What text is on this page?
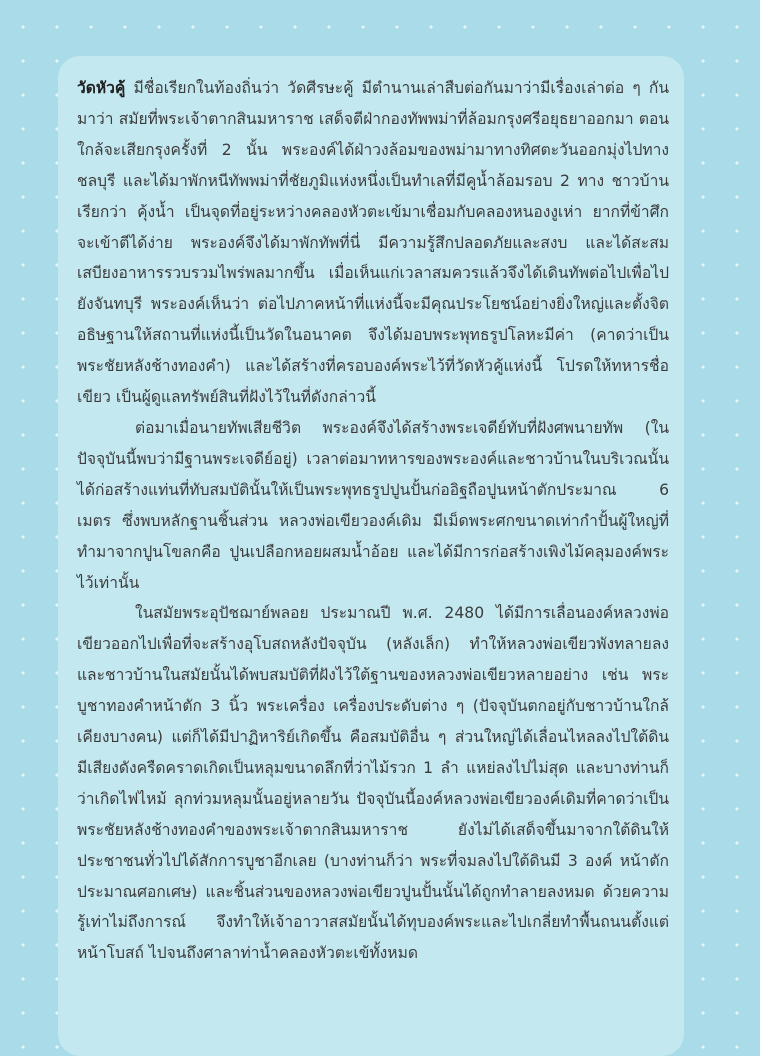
วัดหัวคู้ มีชื่อเรียกในท้องถิ่นว่า วัดศีรษะคู้ มีตำนานเล่าสืบต่อกันมาว่ามีเรื่องเล่าต่อ ๆ กันมาว่า สมัยที่พระเจ้าตากสินมหาราช เสด็จตีฝ่ากองทัพพม่าที่ล้อมกรุงศรีอยุธยาออกมา ตอนใกล้จะเสียกรุงครั้งที่ 2 นั้น พระองค์ได้ฝ่าวงล้อมของพม่ามาทางทิศตะวันออกมุ่งไปทางชลบุรี และได้มาพักหนีทัพพม่าที่ชัยภูมิแห่งหนึ่งเป็นทำเลที่มีคูน้ำล้อมรอบ 2 ทาง ชาวบ้านเรียกว่า คุ้งน้ำ เป็นจุดที่อยู่ระหว่างคลองหัวตะเข้มาเชื่อมกับคลองหนองงูเห่า ยากที่ข้าศึกจะเข้าตีได้ง่าย พระองค์จึงได้มาพักทัพที่นี่ มีความรู้สึกปลอดภัยและสงบ และได้สะสมเสบียงอาหารรวบรวมไพร่พลมากขึ้น เมื่อเห็นแก่เวลาสมควรแล้วจึงได้เดินทัพต่อไปเพื่อไปยังจันทบุรี พระองค์เห็นว่า ต่อไปภาคหน้าที่แห่งนี้จะมีคุณประโยชน์อย่างยิ่งใหญ่และตั้งจิตอธิษฐานให้สถานที่แห่งนี้เป็นวัดในอนาคต จึงได้มอบพระพุทธรูปโลหะมีค่า (คาดว่าเป็นพระชัยหลังช้างทองคำ) และได้สร้างที่ครอบองค์พระไว้ที่วัดหัวคู้แห่งนี้ โปรดให้ทหารชื่อ เขียว เป็นผู้ดูแลทรัพย์สินที่ฝังไว้ในที่ดังกล่าวนี้

ต่อมาเมื่อนายทัพเสียชีวิต พระองค์จึงได้สร้างพระเจดีย์ทับที่ฝังศพนายทัพ (ในปัจจุบันนี้พบว่ามีฐานพระเจดีย์อยู่) เวลาต่อมาทหารของพระองค์และชาวบ้านในบริเวณนั้น ได้ก่อสร้างแท่นที่ทับสมบัตินั้นให้เป็นพระพุทธรูปปูนปั้นก่ออิฐถือปูนหน้าตักประมาณ 6 เมตร ซึ่งพบหลักฐานชิ้นส่วน หลวงพ่อเขียวองค์เดิม มีเม็ดพระศกขนาดเท่ากำปั้นผู้ใหญ่ที่ทำมาจากปูนโขลกคือ ปูนเปลือกหอยผสมน้ำอ้อย และได้มีการก่อสร้างเพิงไม้คลุมองค์พระไว้เท่านั้น

ในสมัยพระอุปัชฌาย์พลอย ประมาณปี พ.ศ. 2480 ได้มีการเลื่อนองค์หลวงพ่อเขียวออกไปเพื่อที่จะสร้างอุโบสถหลังปัจจุบัน (หลังเล็ก) ทำให้หลวงพ่อเขียวพังทลายลง และชาวบ้านในสมัยนั้นได้พบสมบัติที่ฝังไว้ใต้ฐานของหลวงพ่อเขียวหลายอย่าง เช่น พระบูชาทองคำหน้าตัก 3 นิ้ว พระเครื่อง เครื่องประดับต่าง ๆ (ปัจจุบันตกอยู่กับชาวบ้านใกล้เคียงบางคน) แต่ก็ได้มีปาฏิหาริย์เกิดขึ้น คือสมบัติอื่น ๆ ส่วนใหญ่ได้เลื่อนไหลลงไปใต้ดิน มีเสียงดังครืดคราดเกิดเป็นหลุมขนาดลึกที่ว่าไม้รวก 1 ลำ แหย่ลงไปไม่สุด และบางท่านก็ว่าเกิดไฟไหม้ ลุกท่วมหลุมนั้นอยู่หลายวัน ปัจจุบันนี้องค์หลวงพ่อเขียวองค์เดิมที่คาดว่าเป็นพระชัยหลังช้างทองคำของพระเจ้าตากสินมหาราช ยังไม่ได้เสด็จขึ้นมาจากใต้ดินให้ประชาชนทั่วไปได้สักการบูชาอีกเลย (บางท่านก็ว่า พระที่จมลงไปใต้ดินมี 3 องค์ หน้าตักประมาณศอกเศษ) และชิ้นส่วนของหลวงพ่อเขียวปูนปั้นนั้นได้ถูกทำลายลงหมด ด้วยความรู้เท่าไม่ถึงการณ์ จึงทำให้เจ้าอาวาสสมัยนั้นได้ทุบองค์พระและไปเกลี่ยทำพื้นถนนตั้งแต่หน้าโบสถ์ ไปจนถึงศาลาท่าน้ำคลองหัวตะเข้ทั้งหมด
